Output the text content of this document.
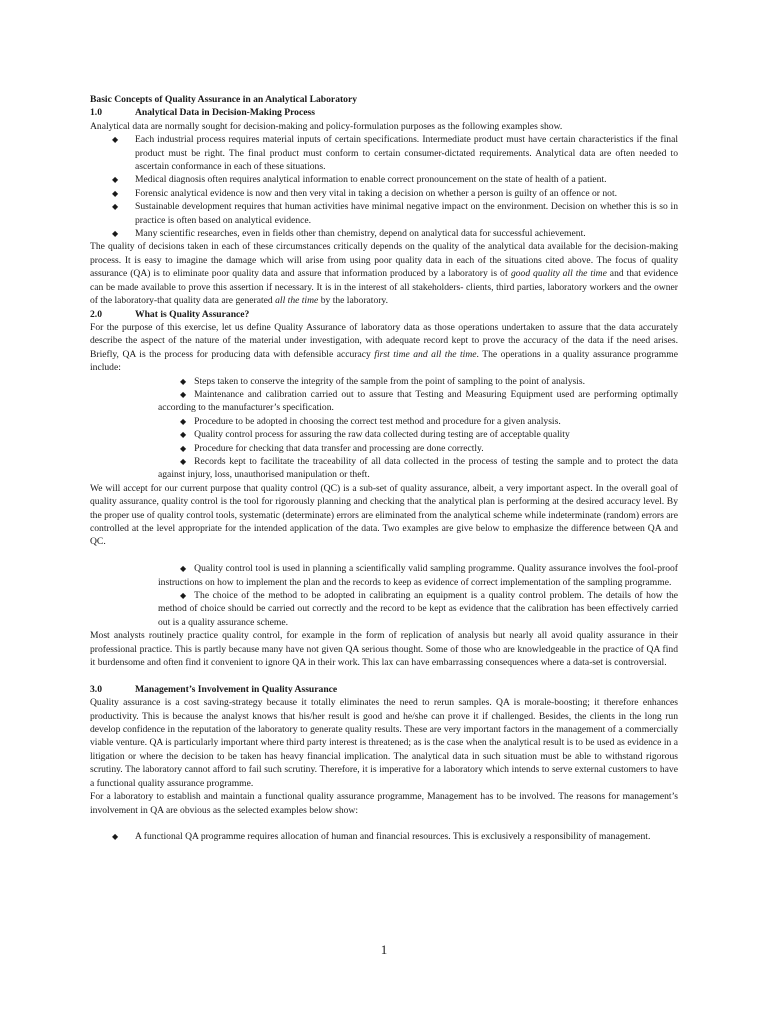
Basic Concepts of Quality Assurance in an Analytical Laboratory

1.0	Analytical Data in Decision-Making Process

Analytical data are normally sought for decision-making and policy-formulation purposes as the following examples show.

◆ Each industrial process requires material inputs of certain specifications. Intermediate product must have certain characteristics if the final product must be right. The final product must conform to certain consumer-dictated requirements. Analytical data are often needed to ascertain conformance in each of these situations.
◆ Medical diagnosis often requires analytical information to enable correct pronouncement on the state of health of a patient.
◆ Forensic analytical evidence is now and then very vital in taking a decision on whether a person is guilty of an offence or not.
◆ Sustainable development requires that human activities have minimal negative impact on the environment. Decision on whether this is so in practice is often based on analytical evidence.
◆ Many scientific researches, even in fields other than chemistry, depend on analytical data for successful achievement.

The quality of decisions taken in each of these circumstances critically depends on the quality of the analytical data available for the decision-making process. It is easy to imagine the damage which will arise from using poor quality data in each of the situations cited above. The focus of quality assurance (QA) is to eliminate poor quality data and assure that information produced by a laboratory is of good quality all the time and that evidence can be made available to prove this assertion if necessary. It is in the interest of all stakeholders- clients, third parties, laboratory workers and the owner of the laboratory-that quality data are generated all the time by the laboratory.

2.0	What is Quality Assurance?

For the purpose of this exercise, let us define Quality Assurance of laboratory data as those operations undertaken to assure that the data accurately describe the aspect of the nature of the material under investigation, with adequate record kept to prove the accuracy of the data if the need arises. Briefly, QA is the process for producing data with defensible accuracy first time and all the time. The operations in a quality assurance programme include:

◆ Steps taken to conserve the integrity of the sample from the point of sampling to the point of analysis.
◆ Maintenance and calibration carried out to assure that Testing and Measuring Equipment used are performing optimally according to the manufacturer’s specification.
◆ Procedure to be adopted in choosing the correct test method and procedure for a given analysis.
◆ Quality control process for assuring the raw data collected during testing are of acceptable quality
◆ Procedure for checking that data transfer and processing are done correctly.
◆ Records kept to facilitate the traceability of all data collected in the process of testing the sample and to protect the data against injury, loss, unauthorised manipulation or theft.

We will accept for our current purpose that quality control (QC) is a sub-set of quality assurance, albeit, a very important aspect. In the overall goal of quality assurance, quality control is the tool for rigorously planning and checking that the analytical plan is performing at the desired accuracy level. By the proper use of quality control tools, systematic (determinate) errors are eliminated from the analytical scheme while indeterminate (random) errors are controlled at the level appropriate for the intended application of the data. Two examples are give below to emphasize the difference between QA and QC.

◆ Quality control tool is used in planning a scientifically valid sampling programme. Quality assurance involves the fool-proof instructions on how to implement the plan and the records to keep as evidence of correct implementation of the sampling programme.
◆ The choice of the method to be adopted in calibrating an equipment is a quality control problem. The details of how the method of choice should be carried out correctly and the record to be kept as evidence that the calibration has been effectively carried out is a quality assurance scheme.

Most analysts routinely practice quality control, for example in the form of replication of analysis but nearly all avoid quality assurance in their professional practice. This is partly because many have not given QA serious thought. Some of those who are knowledgeable in the practice of QA find it burdensome and often find it convenient to ignore QA in their work. This lax can have embarrassing consequences where a data-set is controversial.

3.0	Management’s Involvement in Quality Assurance

Quality assurance is a cost saving-strategy because it totally eliminates the need to rerun samples. QA is morale-boosting; it therefore enhances productivity. This is because the analyst knows that his/her result is good and he/she can prove it if challenged. Besides, the clients in the long run develop confidence in the reputation of the laboratory to generate quality results. These are very important factors in the management of a commercially viable venture. QA is particularly important where third party interest is threatened; as is the case when the analytical result is to be used as evidence in a litigation or where the decision to be taken has heavy financial implication. The analytical data in such situation must be able to withstand rigorous scrutiny. The laboratory cannot afford to fail such scrutiny. Therefore, it is imperative for a laboratory which intends to serve external customers to have a functional quality assurance programme.

For a laboratory to establish and maintain a functional quality assurance programme, Management has to be involved. The reasons for management’s involvement in QA are obvious as the selected examples below show:

◆ A functional QA programme requires allocation of human and financial resources. This is exclusively a responsibility of management.
1
